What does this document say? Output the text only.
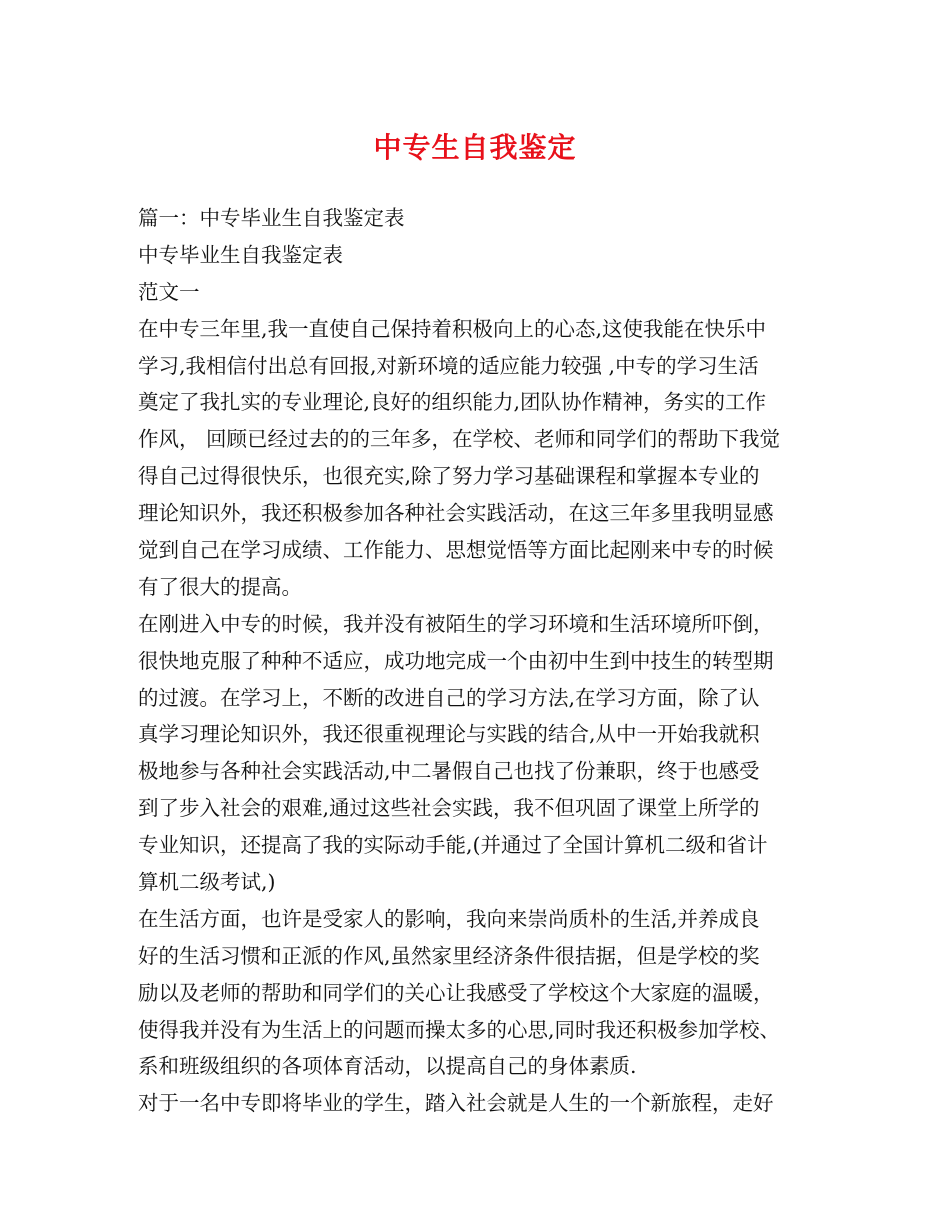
中专生自我鉴定
篇一：中专毕业生自我鉴定表
中专毕业生自我鉴定表
范文一
在中专三年里,我一直使自己保持着积极向上的心态,这使我能在快乐中
学习,我相信付出总有回报,对新环境的适应能力较强 ,中专的学习生活
奠定了我扎实的专业理论,良好的组织能力,团队协作精神，务实的工作
作风， 回顾已经过去的的三年多，在学校、老师和同学们的帮助下我觉
得自己过得很快乐，也很充实,除了努力学习基础课程和掌握本专业的
理论知识外，我还积极参加各种社会实践活动，在这三年多里我明显感
觉到自己在学习成绩、工作能力、思想觉悟等方面比起刚来中专的时候
有了很大的提高。
在刚进入中专的时候，我并没有被陌生的学习环境和生活环境所吓倒，
很快地克服了种种不适应，成功地完成一个由初中生到中技生的转型期
的过渡。在学习上，不断的改进自己的学习方法,在学习方面，除了认
真学习理论知识外，我还很重视理论与实践的结合,从中一开始我就积
极地参与各种社会实践活动,中二暑假自己也找了份兼职，终于也感受
到了步入社会的艰难,通过这些社会实践，我不但巩固了课堂上所学的
专业知识，还提高了我的实际动手能,(并通过了全国计算机二级和省计
算机二级考试,)
在生活方面，也许是受家人的影响，我向来崇尚质朴的生活,并养成良
好的生活习惯和正派的作风,虽然家里经济条件很拮据，但是学校的奖
励以及老师的帮助和同学们的关心让我感受了学校这个大家庭的温暖，
使得我并没有为生活上的问题而操太多的心思,同时我还积极参加学校、
系和班级组织的各项体育活动，以提高自己的身体素质.
对于一名中专即将毕业的学生，踏入社会就是人生的一个新旅程，走好
